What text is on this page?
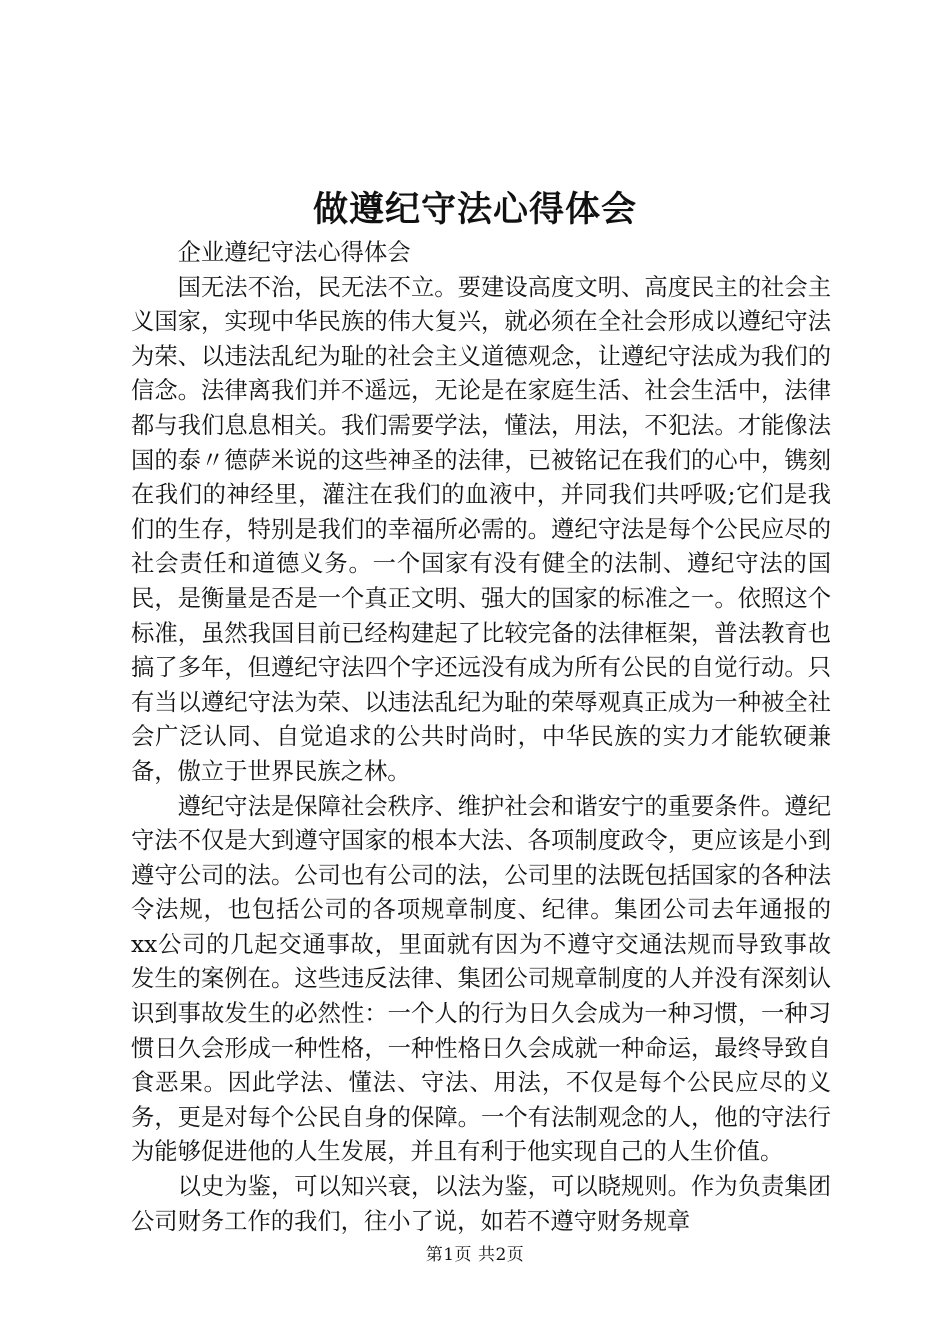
做遵纪守法心得体会

企业遵纪守法心得体会

国无法不治，民无法不立。要建设高度文明、高度民主的社会主义国家，实现中华民族的伟大复兴，就必须在全社会形成以遵纪守法为荣、以违法乱纪为耻的社会主义道德观念，让遵纪守法成为我们的信念。法律离我们并不遥远，无论是在家庭生活、社会生活中，法律都与我们息息相关。我们需要学法，懂法，用法，不犯法。才能像法国的泰〃德萨米说的这些神圣的法律，已被铭记在我们的心中，镌刻在我们的神经里，灌注在我们的血液中，并同我们共呼吸;它们是我们的生存，特别是我们的幸福所必需的。遵纪守法是每个公民应尽的社会责任和道德义务。一个国家有没有健全的法制、遵纪守法的国民，是衡量是否是一个真正文明、强大的国家的标准之一。依照这个标准，虽然我国目前已经构建起了比较完备的法律框架，普法教育也搞了多年，但遵纪守法四个字还远没有成为所有公民的自觉行动。只有当以遵纪守法为荣、以违法乱纪为耻的荣辱观真正成为一种被全社会广泛认同、自觉追求的公共时尚时，中华民族的实力才能软硬兼备，傲立于世界民族之林。

遵纪守法是保障社会秩序、维护社会和谐安宁的重要条件。遵纪守法不仅是大到遵守国家的根本大法、各项制度政令，更应该是小到遵守公司的法。公司也有公司的法，公司里的法既包括国家的各种法令法规，也包括公司的各项规章制度、纪律。集团公司去年通报的xx公司的几起交通事故，里面就有因为不遵守交通法规而导致事故发生的案例在。这些违反法律、集团公司规章制度的人并没有深刻认识到事故发生的必然性：一个人的行为日久会成为一种习惯，一种习惯日久会形成一种性格，一种性格日久会成就一种命运，最终导致自食恶果。因此学法、懂法、守法、用法，不仅是每个公民应尽的义务，更是对每个公民自身的保障。一个有法制观念的人，他的守法行为能够促进他的人生发展，并且有利于他实现自己的人生价值。

以史为鉴，可以知兴衰，以法为鉴，可以晓规则。作为负责集团公司财务工作的我们，往小了说，如若不遵守财务规章

第1页 共2页
